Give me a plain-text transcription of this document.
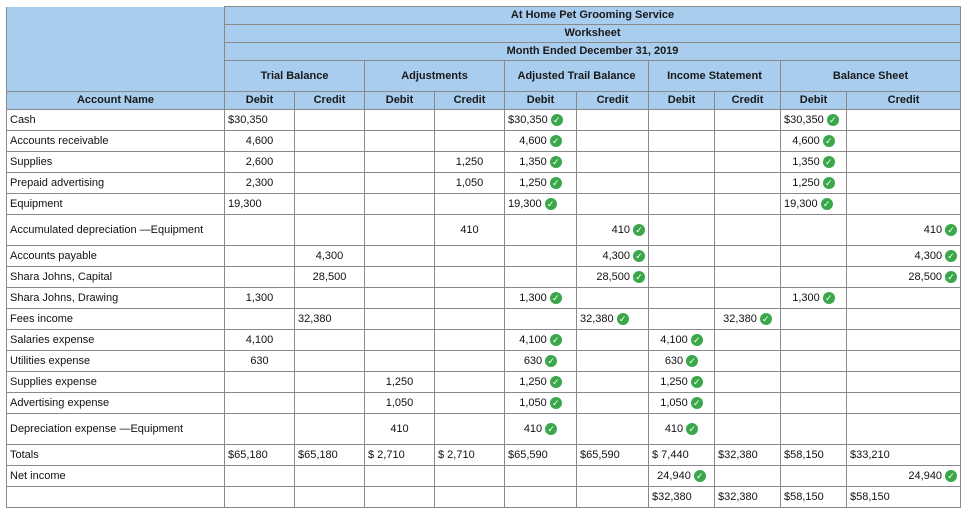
	At Home Pet Grooming Service									
	Worksheet									
	Month Ended December 31, 2019									
	Trial Balance		Adjustments		Adjusted Trail Balance		Income Statement		Balance Sheet	
Account Name	Debit	Credit	Debit	Credit	Debit	Credit	Debit	Credit	Debit	Credit
Cash	$30,350				$30,350 ✓				$30,350 ✓	

Accounts receivable	4,600				4,600 ✓				4,600 ✓	

Supplies	2,600			1,250	1,350 ✓				1,350 ✓	

Prepaid advertising	2,300			1,050	1,250 ✓				1,250 ✓	

Equipment	19,300				19,300 ✓				19,300 ✓	

Accumulated depreciation —Equipment				410		410 ✓				410 ✓

Accounts payable		4,300				4,300 ✓				4,300 ✓

Shara Johns, Capital		28,500				28,500 ✓				28,500 ✓

Shara Johns, Drawing	1,300				1,300 ✓				1,300 ✓	

Fees income		32,380				32,380 ✓		32,380 ✓		

Salaries expense	4,100				4,100 ✓		4,100 ✓			

Utilities expense	630				630 ✓		630 ✓			

Supplies expense			1,250		1,250 ✓		1,250 ✓			

Advertising expense			1,050		1,050 ✓		1,050 ✓			

Depreciation expense —Equipment			410		410 ✓		410 ✓			

Totals	$65,180	$65,180	$ 2,710	$ 2,710	$65,590	$65,590	$ 7,440	$32,380	$58,150	$33,210

Net income							24,940 ✓			24,940 ✓

							$32,380	$32,380	$58,150	$58,150
